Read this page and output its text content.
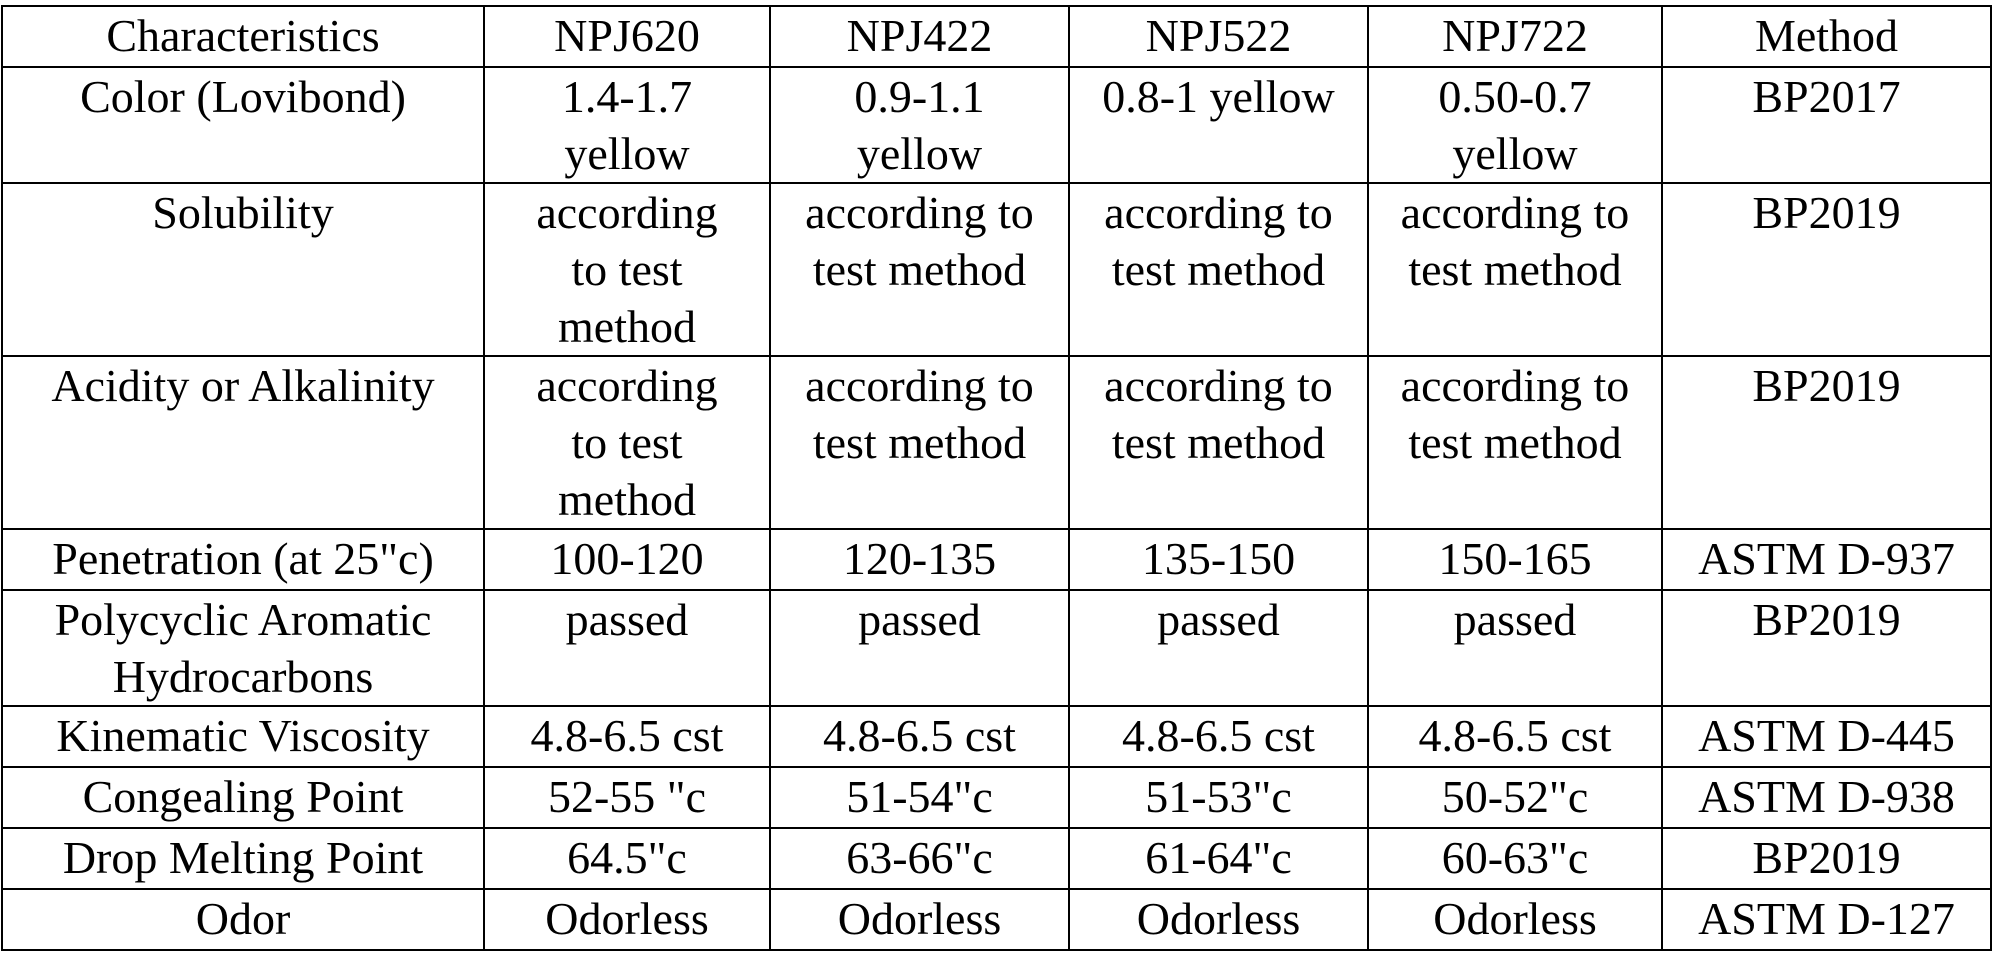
Characteristics	NPJ620	NPJ422	NPJ522	NPJ722	Method
Color (Lovibond)	1.4-1.7 yellow	0.9-1.1 yellow	0.8-1 yellow	0.50-0.7 yellow	BP2017
Solubility	according to test method	according to test method	according to test method	according to test method	BP2019
Acidity or Alkalinity	according to test method	according to test method	according to test method	according to test method	BP2019
Penetration (at 25"c)	100-120	120-135	135-150	150-165	ASTM D-937
Polycyclic Aromatic Hydrocarbons	passed	passed	passed	passed	BP2019
Kinematic Viscosity	4.8-6.5 cst	4.8-6.5 cst	4.8-6.5 cst	4.8-6.5 cst	ASTM D-445
Congealing Point	52-55 "c	51-54"c	51-53"c	50-52"c	ASTM D-938
Drop Melting Point	64.5"c	63-66"c	61-64"c	60-63"c	BP2019
Odor	Odorless	Odorless	Odorless	Odorless	ASTM D-127
